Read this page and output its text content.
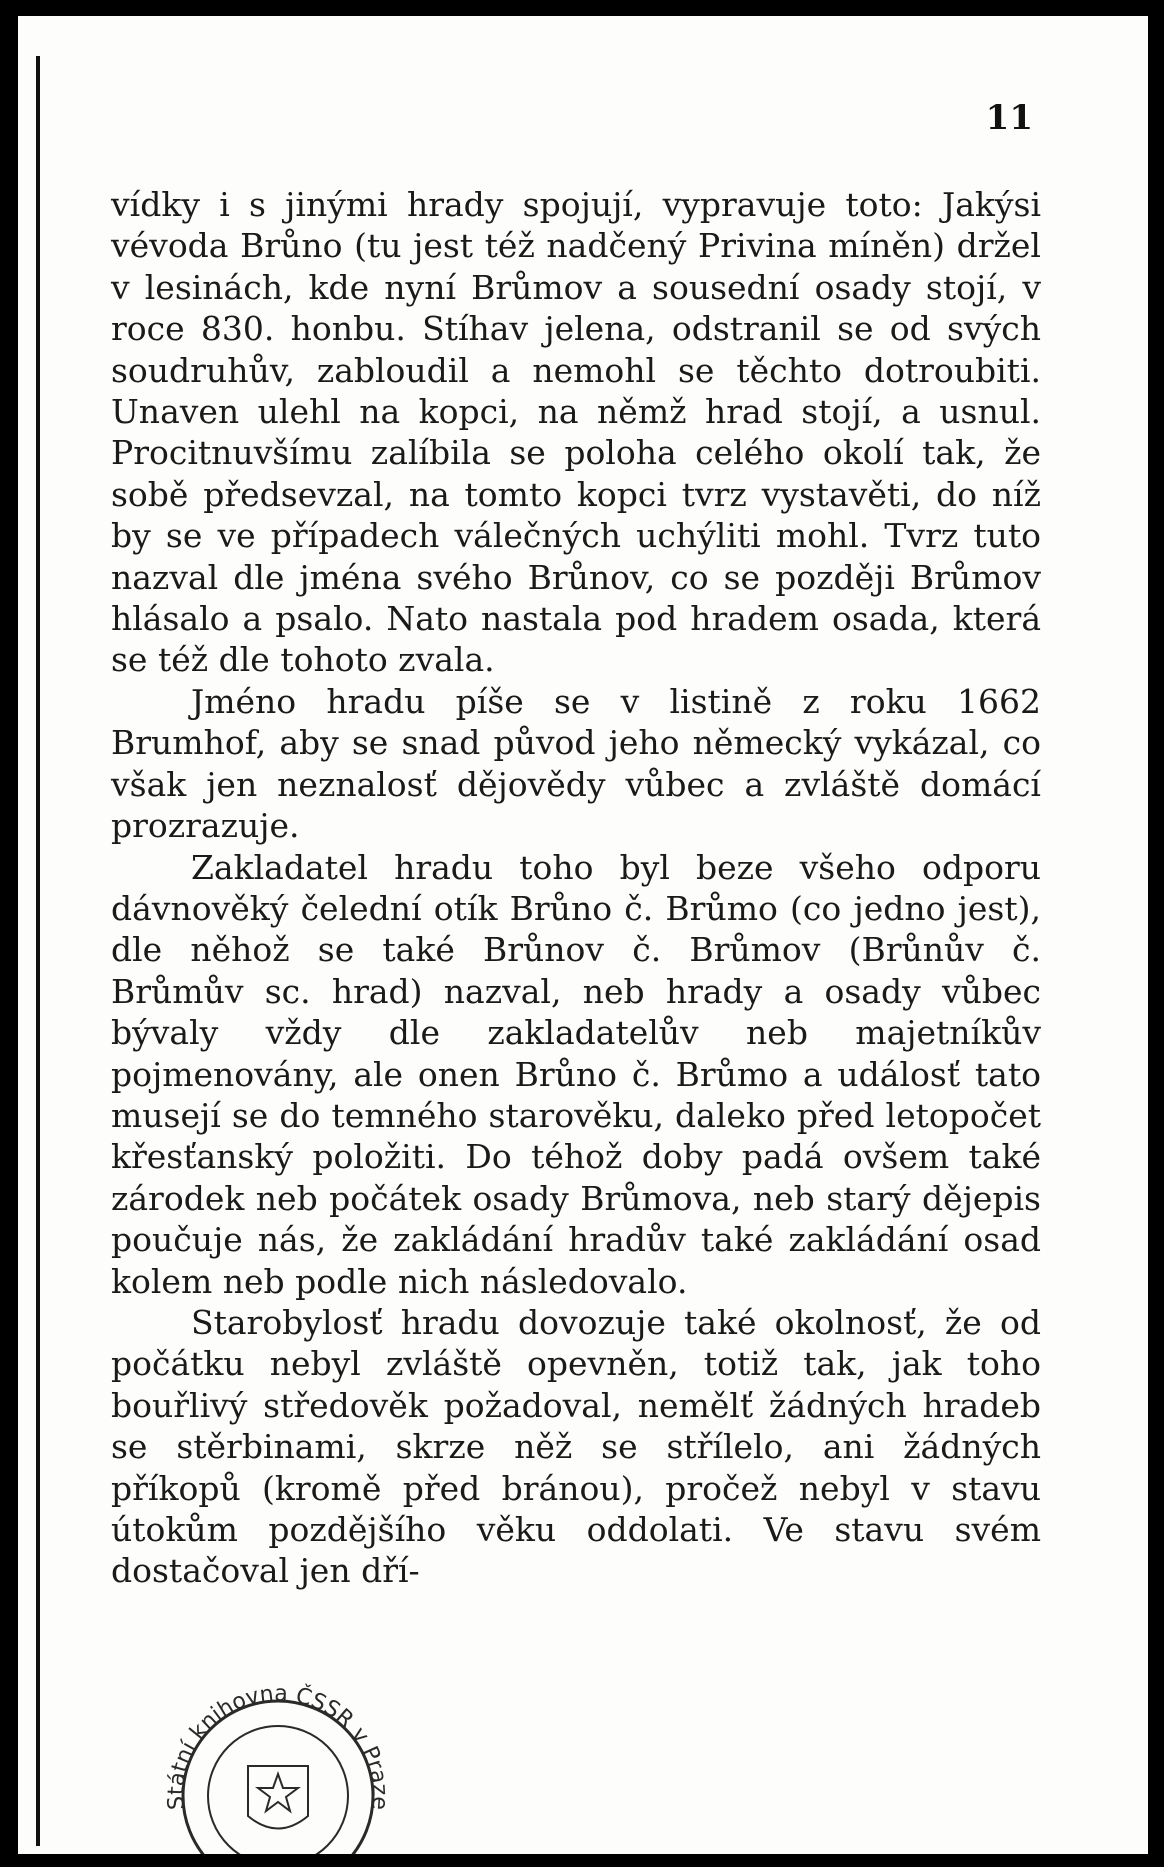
11

vídky i s jinými hrady spojují, vypravuje toto: Jakýsi vévoda Brůno (tu jest též nadčený Privina míněn) držel v lesinách, kde nyní Brůmov a sousední osady stojí, v roce 830. honbu. Stíhav jelena, odstranil se od svých soudruhův, zabloudil a nemohl se těchto dotroubiti. Unaven ulehl na kopci, na němž hrad stojí, a usnul. Procitnuvšímu zalíbila se poloha celého okolí tak, že sobě předsevzal, na tomto kopci tvrz vystavěti, do níž by se ve případech válečných uchýliti mohl. Tvrz tuto nazval dle jména svého Brůnov, co se později Brůmov hlásalo a psalo. Nato nastala pod hradem osada, která se též dle tohoto zvala.

Jméno hradu píše se v listině z roku 1662 Brumhof, aby se snad původ jeho německý vykázal, co však jen neznalosť dějovědy vůbec a zvláště domácí prozrazuje.

Zakladatel hradu toho byl beze všeho odporu dávnověký čelední otík Brůno č. Brůmo (co jedno jest), dle něhož se také Brůnov č. Brůmov (Brůnův č. Brůmův sc. hrad) nazval, neb hrady a osady vůbec bývaly vždy dle zakladatelův neb majetníkův pojmenovány, ale onen Brůno č. Brůmo a událosť tato musejí se do temného starověku, daleko před letopočet křesťanský položiti. Do téhož doby padá ovšem také zárodek neb počátek osady Brůmova, neb starý dějepis poučuje nás, že zakládání hradův také zakládání osad kolem neb podle nich následovalo.

Starobylosť hradu dovozuje také okolnosť, že od počátku nebyl zvláště opevněn, totiž tak, jak toho bouřlivý středověk požadoval, nemělť žádných hradeb se stěrbinami, skrze něž se střílelo, ani žádných příkopů (kromě před bránou), pročež nebyl v stavu útokům pozdějšího věku oddolati. Ve stavu svém dostačoval jen dří-

Státní knihovna ČSSR v Praze
